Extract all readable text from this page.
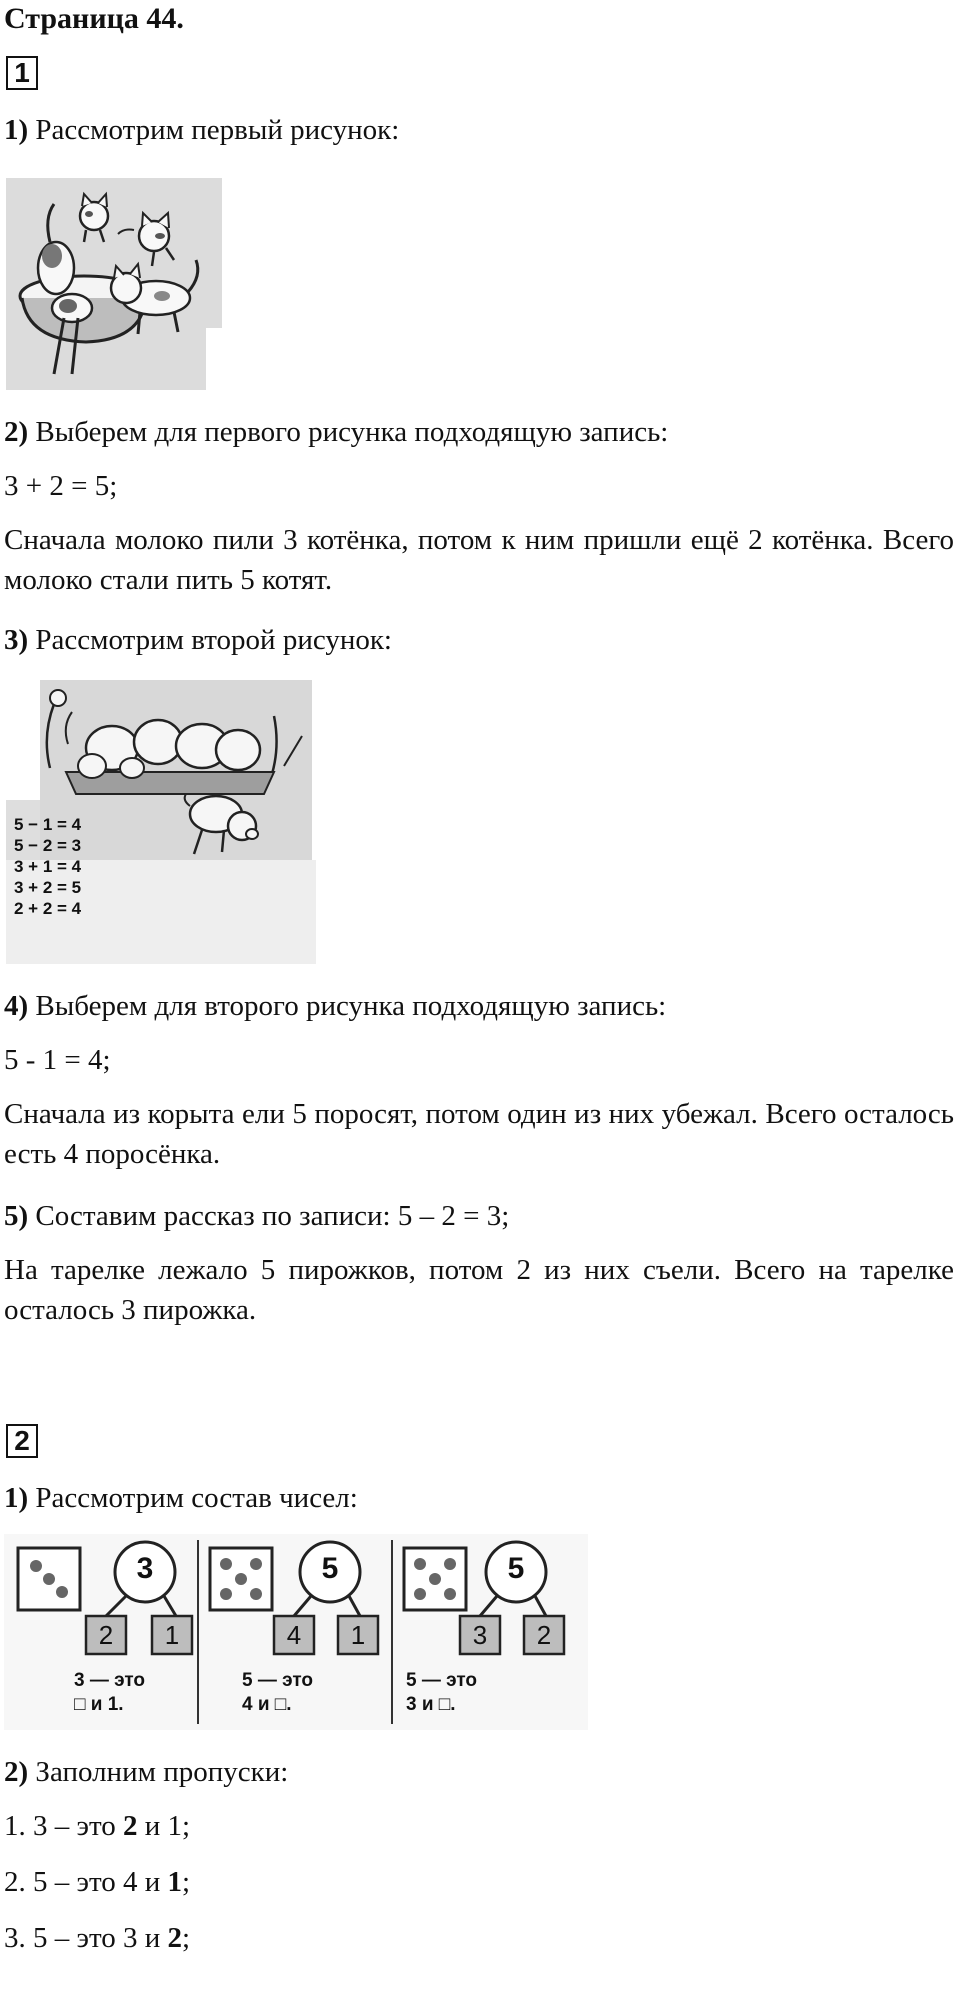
Страница 44.
1
1) Рассмотрим первый рисунок:
2) Выберем для первого рисунка подходящую запись:
3 + 2 = 5;
Сначала молоко пили 3 котёнка, потом к ним пришли ещё 2 котёнка. Всего молоко стали пить 5 котят.
3) Рассмотрим второй рисунок:
5 − 1 = 4
5 − 2 = 3
3 + 1 = 4
3 + 2 = 5
2 + 2 = 4
4) Выберем для второго рисунка подходящую запись:
5 - 1 = 4;
Сначала из корыта ели 5 поросят, потом один из них убежал. Всего осталось есть 4 поросёнка.
5) Составим рассказ по записи: 5 – 2 = 3;
На тарелке лежало 5 пирожков, потом 2 из них съели. Всего на тарелке осталось 3 пирожка.
2
1) Рассмотрим состав чисел:
3
2	1
3 — это
□ и 1.
5
4	1
5 — это
4 и □.
5
3	2
5 — это
3 и □.
2) Заполним пропуски:
1. 3 – это 2 и 1;
2. 5 – это 4 и 1;
3. 5 – это 3 и 2;
